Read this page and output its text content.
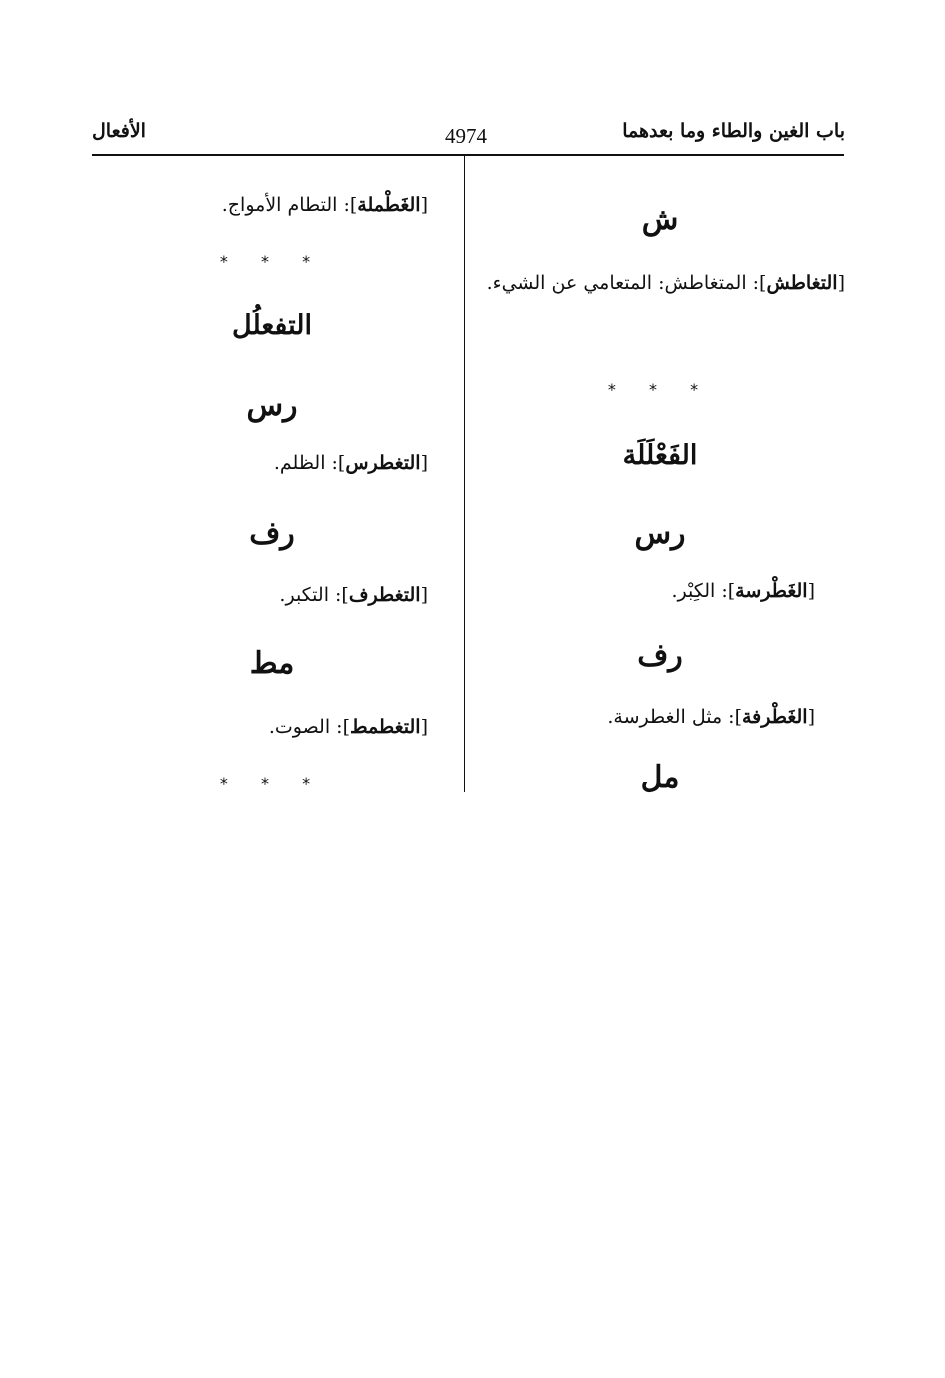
باب الغين والطاء وما بعدهما
4974
الأفعال
ش
[التغاطش]: المتغاطش: المتعامي عن الشيء.
* * *
الفَعْلَلَة
رس
[الغَطْرسة]: الكِبْر.
رف
[الغَطْرفة]: مثل الغطرسة.
مل
[الغَطْملة]: التطام الأمواج.
* * *
التفعلُل
رس
[التغطرس]: الظلم.
رف
[التغطرف]: التكبر.
مط
[التغطمط]: الصوت.
* * *
